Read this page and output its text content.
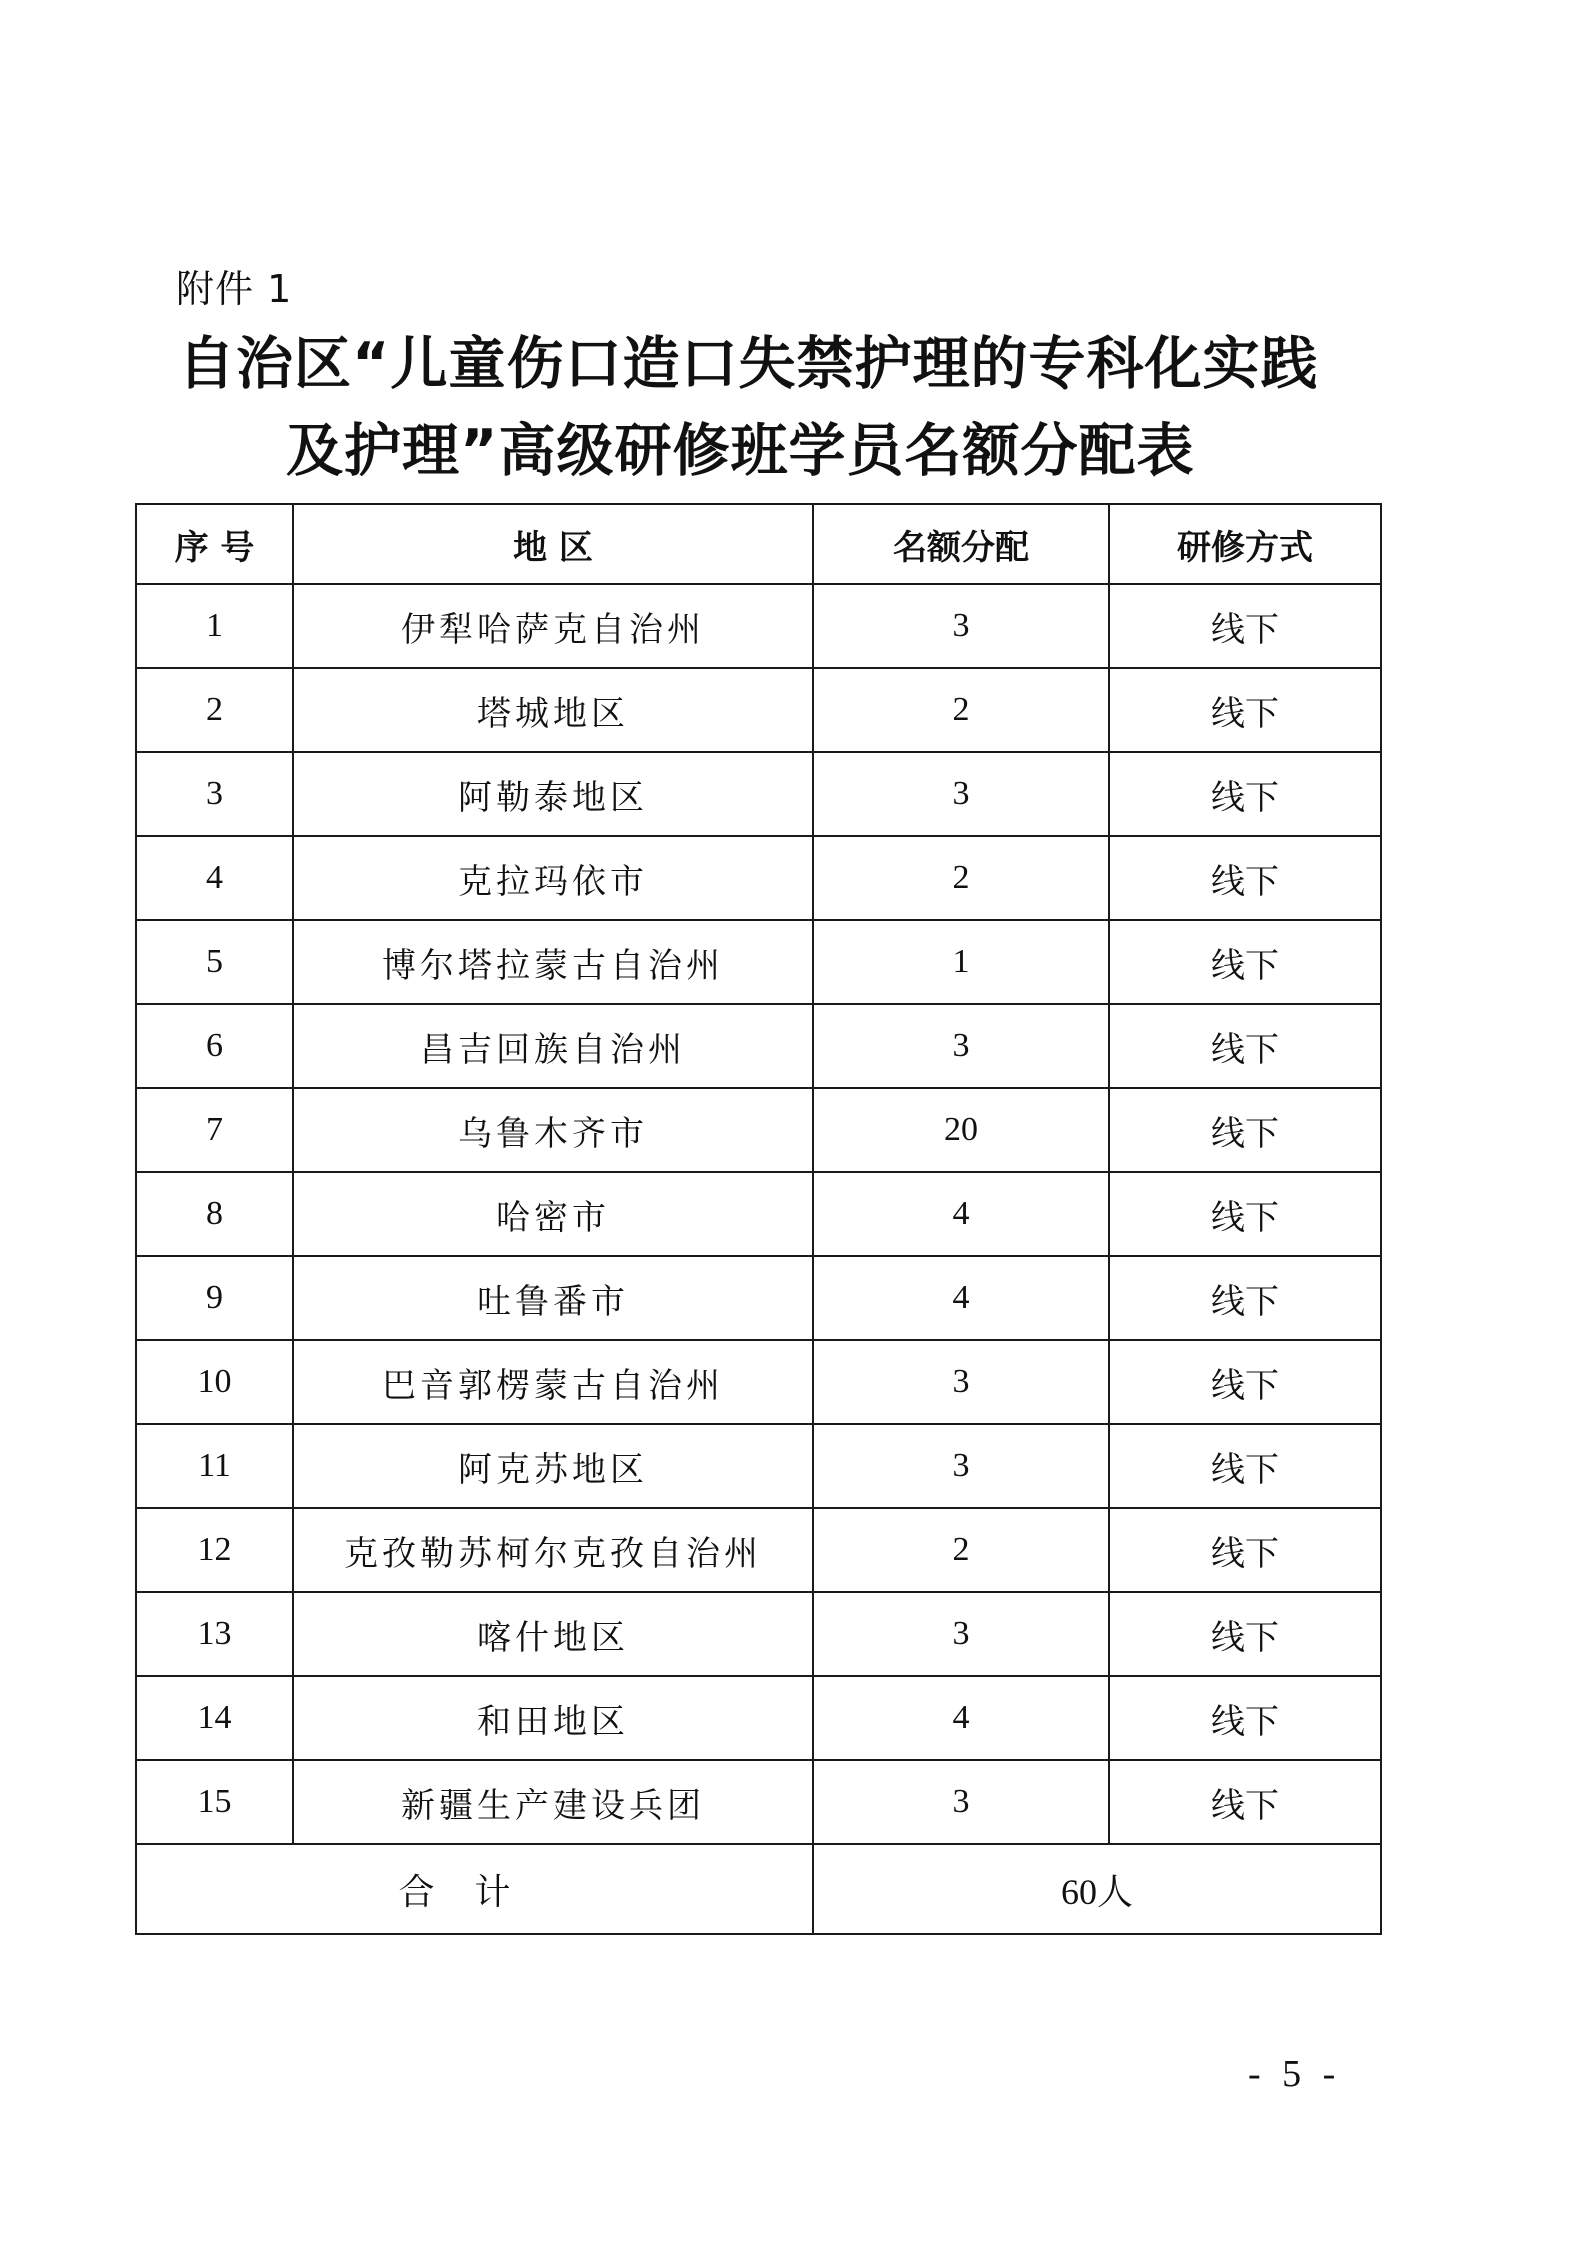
附件 1
自治区“儿童伤口造口失禁护理的专科化实践
及护理”高级研修班学员名额分配表
序 号	地 区	名额分配	研修方式
1	伊犁哈萨克自治州	3	线下
2	塔城地区	2	线下
3	阿勒泰地区	3	线下
4	克拉玛依市	2	线下
5	博尔塔拉蒙古自治州	1	线下
6	昌吉回族自治州	3	线下
7	乌鲁木齐市	20	线下
8	哈密市	4	线下
9	吐鲁番市	4	线下
10	巴音郭楞蒙古自治州	3	线下
11	阿克苏地区	3	线下
12	克孜勒苏柯尔克孜自治州	2	线下
13	喀什地区	3	线下
14	和田地区	4	线下
15	新疆生产建设兵团	3	线下
合计		60人	
- 5 -
